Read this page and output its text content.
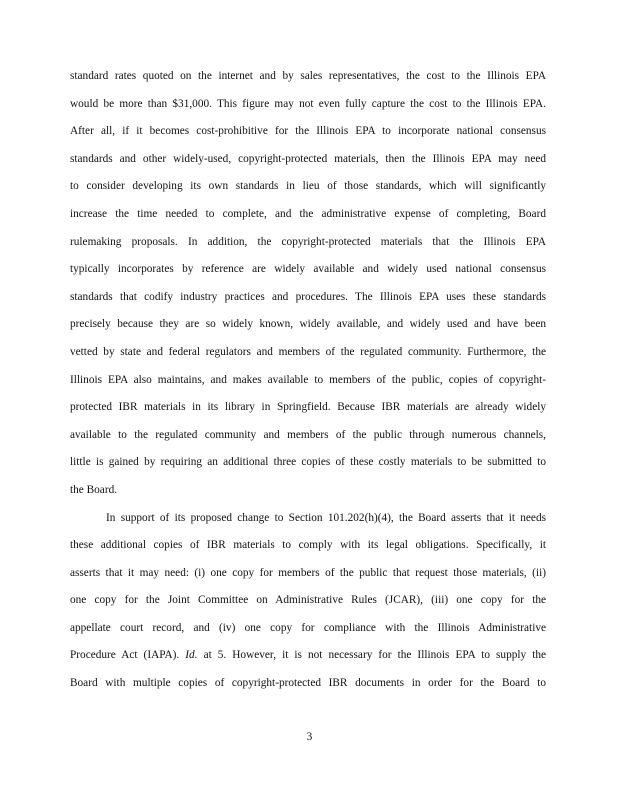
standard rates quoted on the internet and by sales representatives, the cost to the Illinois EPA
would be more than $31,000. This figure may not even fully capture the cost to the Illinois EPA.
After all, if it becomes cost-prohibitive for the Illinois EPA to incorporate national consensus
standards and other widely-used, copyright-protected materials, then the Illinois EPA may need
to consider developing its own standards in lieu of those standards, which will significantly
increase the time needed to complete, and the administrative expense of completing, Board
rulemaking proposals. In addition, the copyright-protected materials that the Illinois EPA
typically incorporates by reference are widely available and widely used national consensus
standards that codify industry practices and procedures. The Illinois EPA uses these standards
precisely because they are so widely known, widely available, and widely used and have been
vetted by state and federal regulators and members of the regulated community. Furthermore, the
Illinois EPA also maintains, and makes available to members of the public, copies of copyright-
protected IBR materials in its library in Springfield. Because IBR materials are already widely
available to the regulated community and members of the public through numerous channels,
little is gained by requiring an additional three copies of these costly materials to be submitted to
the Board.
In support of its proposed change to Section 101.202(h)(4), the Board asserts that it needs
these additional copies of IBR materials to comply with its legal obligations. Specifically, it
asserts that it may need: (i) one copy for members of the public that request those materials, (ii)
one copy for the Joint Committee on Administrative Rules (JCAR), (iii) one copy for the
appellate court record, and (iv) one copy for compliance with the Illinois Administrative
Procedure Act (IAPA). Id. at 5. However, it is not necessary for the Illinois EPA to supply the
Board with multiple copies of copyright-protected IBR documents in order for the Board to
3
